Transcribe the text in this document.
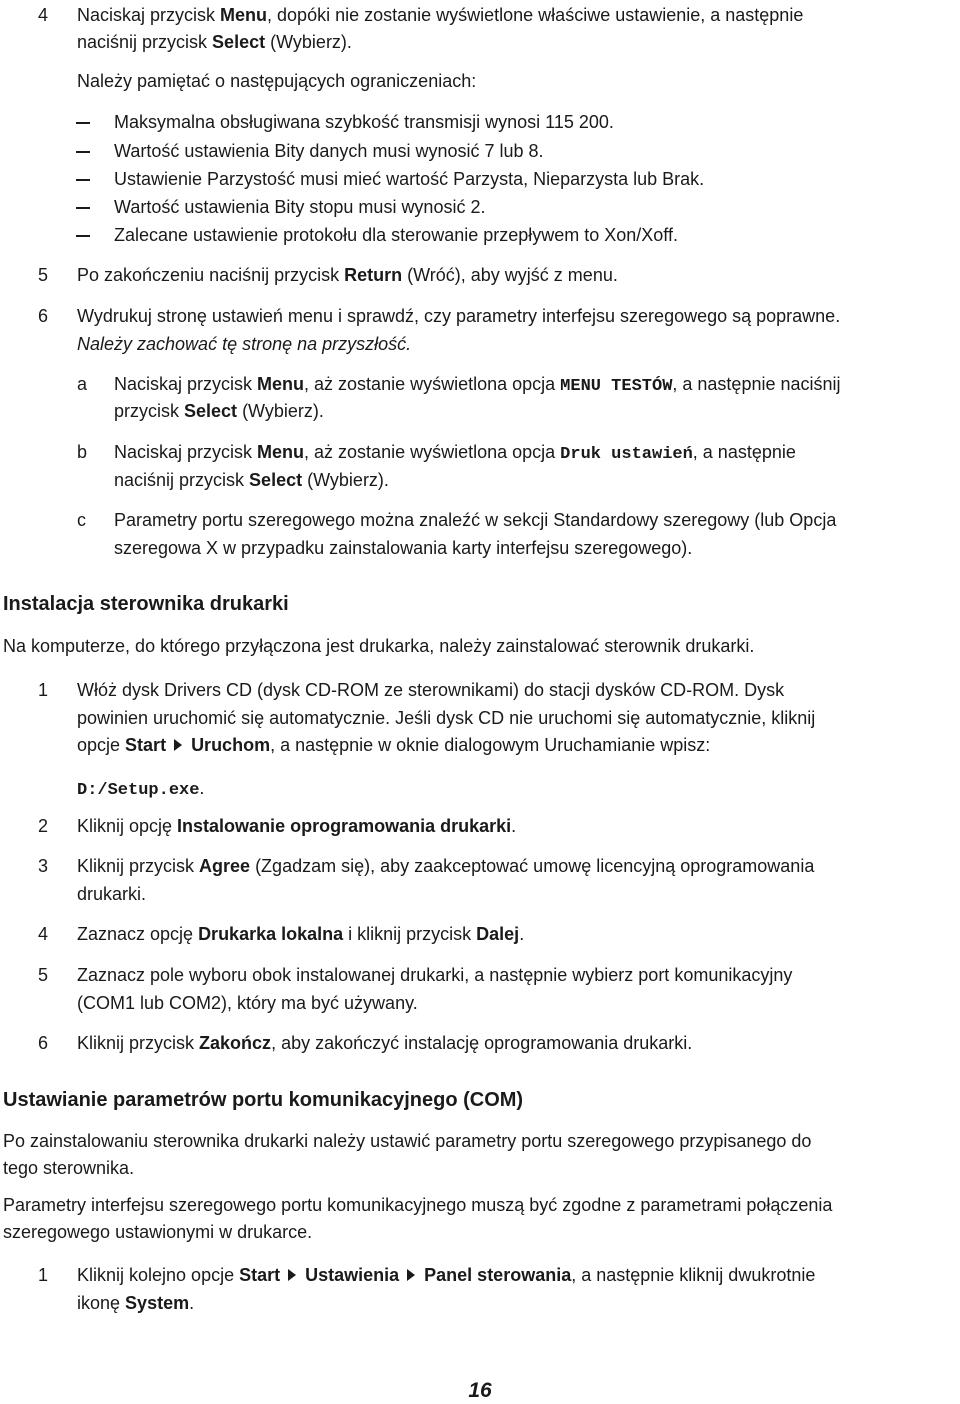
4	Naciskaj przycisk Menu, dopóki nie zostanie wyświetlone właściwe ustawienie, a następnie
naciśnij przycisk Select (Wybierz).
Należy pamiętać o następujących ograniczeniach:
Maksymalna obsługiwana szybkość transmisji wynosi 115 200.
Wartość ustawienia Bity danych musi wynosić 7 lub 8.
Ustawienie Parzystość musi mieć wartość Parzysta, Nieparzysta lub Brak.
Wartość ustawienia Bity stopu musi wynosić 2.
Zalecane ustawienie protokołu dla sterowanie przepływem to Xon/Xoff.
5	Po zakończeniu naciśnij przycisk Return (Wróć), aby wyjść z menu.
6	Wydrukuj stronę ustawień menu i sprawdź, czy parametry interfejsu szeregowego są poprawne.
Należy zachować tę stronę na przyszłość.
a	Naciskaj przycisk Menu, aż zostanie wyświetlona opcja MENU TESTÓW, a następnie naciśnij
przycisk Select (Wybierz).
b	Naciskaj przycisk Menu, aż zostanie wyświetlona opcja Druk ustawień, a następnie
naciśnij przycisk Select (Wybierz).
c	Parametry portu szeregowego można znaleźć w sekcji Standardowy szeregowy (lub Opcja
szeregowa X w przypadku zainstalowania karty interfejsu szeregowego).
Instalacja sterownika drukarki
Na komputerze, do którego przyłączona jest drukarka, należy zainstalować sterownik drukarki.
1	Włóż dysk Drivers CD (dysk CD-ROM ze sterownikami) do stacji dysków CD-ROM. Dysk
powinien uruchomić się automatycznie. Jeśli dysk CD nie uruchomi się automatycznie, kliknij
opcje Start Uruchom, a następnie w oknie dialogowym Uruchamianie wpisz:
D:/Setup.exe.
2	Kliknij opcję Instalowanie oprogramowania drukarki.
3	Kliknij przycisk Agree (Zgadzam się), aby zaakceptować umowę licencyjną oprogramowania
drukarki.
4	Zaznacz opcję Drukarka lokalna i kliknij przycisk Dalej.
5	Zaznacz pole wyboru obok instalowanej drukarki, a następnie wybierz port komunikacyjny
(COM1 lub COM2), który ma być używany.
6	Kliknij przycisk Zakończ, aby zakończyć instalację oprogramowania drukarki.
Ustawianie parametrów portu komunikacyjnego (COM)
Po zainstalowaniu sterownika drukarki należy ustawić parametry portu szeregowego przypisanego do
tego sterownika.
Parametry interfejsu szeregowego portu komunikacyjnego muszą być zgodne z parametrami połączenia
szeregowego ustawionymi w drukarce.
1	Kliknij kolejno opcje Start Ustawienia Panel sterowania, a następnie kliknij dwukrotnie
ikonę System.
16
